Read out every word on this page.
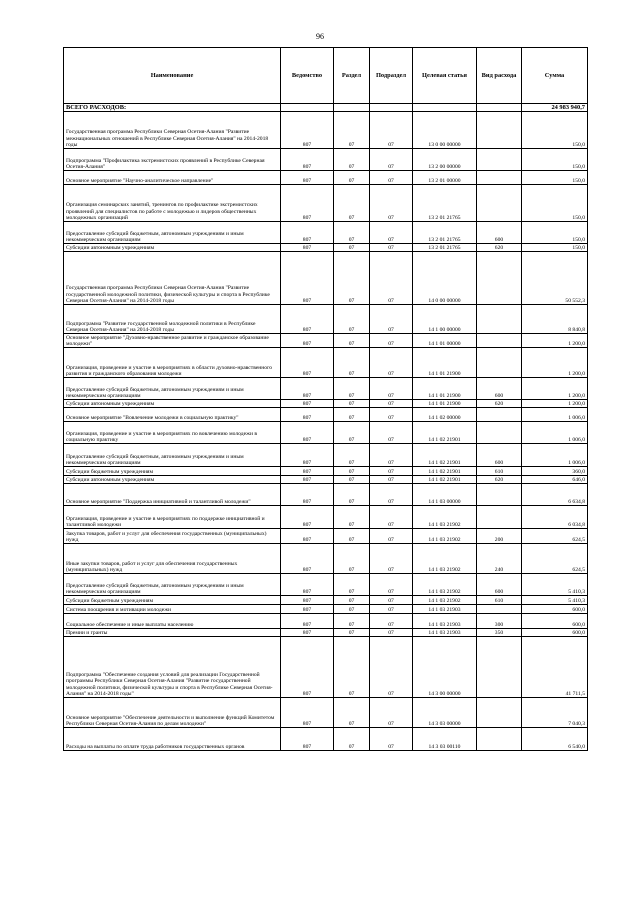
96
Наименование	Ведомство	Раздел	Подраздел	Целевая статья	Вид расхода	Сумма
ВСЕГО РАСХОДОВ:						24 983 940,7
Государственная программа Республики Северная Осетия-Алания "Развитие межнациональных отношений в Республике Северная Осетия-Алания" на 2014-2018 годы	807	07	07	13 0 00 00000		150,0
Подпрограмма "Профилактика экстремистских проявлений в Республике Северная Осетия-Алания"	807	07	07	13 2 00 00000		150,0
Основное мероприятие "Научно-аналитическое направление"	807	07	07	13 2 01 00000		150,0
Организация семинарских занятий, тренингов по профилактике экстремистских проявлений для специалистов по работе с молодежью и лидеров общественных молодежных организаций	807	07	07	13 2 01 21765		150,0
Предоставление субсидий бюджетным, автономным учреждениям и иным некоммерческим организациям	807	07	07	13 2 01 21765	600	150,0
Субсидии автономным учреждениям	807	07	07	13 2 01 21765	620	150,0
Государственная программа Республики Северная Осетия-Алания "Развитие государственной молодежной политики, физической культуры и спорта в Республике Северная Осетия-Алания" на 2014-2018 годы	807	07	07	14 0 00 00000		50 552,3
Подпрограмма "Развитие государственной молодежной политики в Республике Северная Осетия-Алания" на 2014-2018 годы	807	07	07	14 1 00 00000		8 840,8
Основное мероприятие "Духовно-нравственное развитие и гражданское образование молодежи"	807	07	07	14 1 01 00000		1 200,0
Организация, проведение и участие в мероприятиях в области духовно-нравственного развития и гражданского образования молодежи	807	07	07	14 1 01 21900		1 200,0
Предоставление субсидий бюджетным, автономным учреждениям и иным некоммерческим организациям	807	07	07	14 1 01 21900	600	1 200,0
Субсидии автономным учреждениям	807	07	07	14 1 01 21900	620	1 200,0
Основное мероприятие "Вовлечение молодежи в социальную практику"	807	07	07	14 1 02 00000		1 006,0
Организация, проведение и участие в мероприятиях по вовлечению молодежи в социальную практику	807	07	07	14 1 02 21901		1 006,0
Предоставление субсидий бюджетным, автономным учреждениям и иным некоммерческим организациям	807	07	07	14 1 02 21901	600	1 006,0
Субсидии бюджетным учреждениям	807	07	07	14 1 02 21901	610	360,0
Субсидии автономным учреждениям	807	07	07	14 1 02 21901	620	646,0
Основное мероприятие "Поддержка инициативной и талантливой молодежи"	807	07	07	14 1 03 00000		6 634,8
Организация, проведение и участие в мероприятиях по поддержке инициативной и талантливой молодежи	807	07	07	14 1 03 21902		6 034,8
Закупка товаров, работ и услуг для обеспечения государственных (муниципальных) нужд	807	07	07	14 1 03 21902	200	624,5
Иные закупки товаров, работ и услуг для обеспечения государственных (муниципальных) нужд	807	07	07	14 1 03 21902	240	624,5
Предоставление субсидий бюджетным, автономным учреждениям и иным некоммерческим организациям	807	07	07	14 1 03 21902	600	5 410,3
Субсидии бюджетным учреждениям	807	07	07	14 1 03 21902	610	5 410,3
Система поощрения и мотивации молодежи	807	07	07	14 1 03 21903		600,0
Социальное обеспечение и иные выплаты населению	807	07	07	14 1 03 21903	300	600,0
Премии и гранты	807	07	07	14 1 03 21903	350	600,0
Подпрограмма "Обеспечение создания условий для реализации Государственной программы Республики Северная Осетия-Алания "Развитие государственной молодежной политики, физической культуры и спорта в Республике Северная Осетия-Алания" на 2014-2018 годы"	807	07	07	14 3 00 00000		41 711,5
Основное мероприятие "Обеспечение деятельности и выполнение функций Комитетом Республики Северная Осетия-Алания по делам молодежи"	807	07	07	14 3 03 00000		7 040,3
Расходы на выплаты по оплате труда работников государственных органов	807	07	07	14 3 03 00110		6 540,0
